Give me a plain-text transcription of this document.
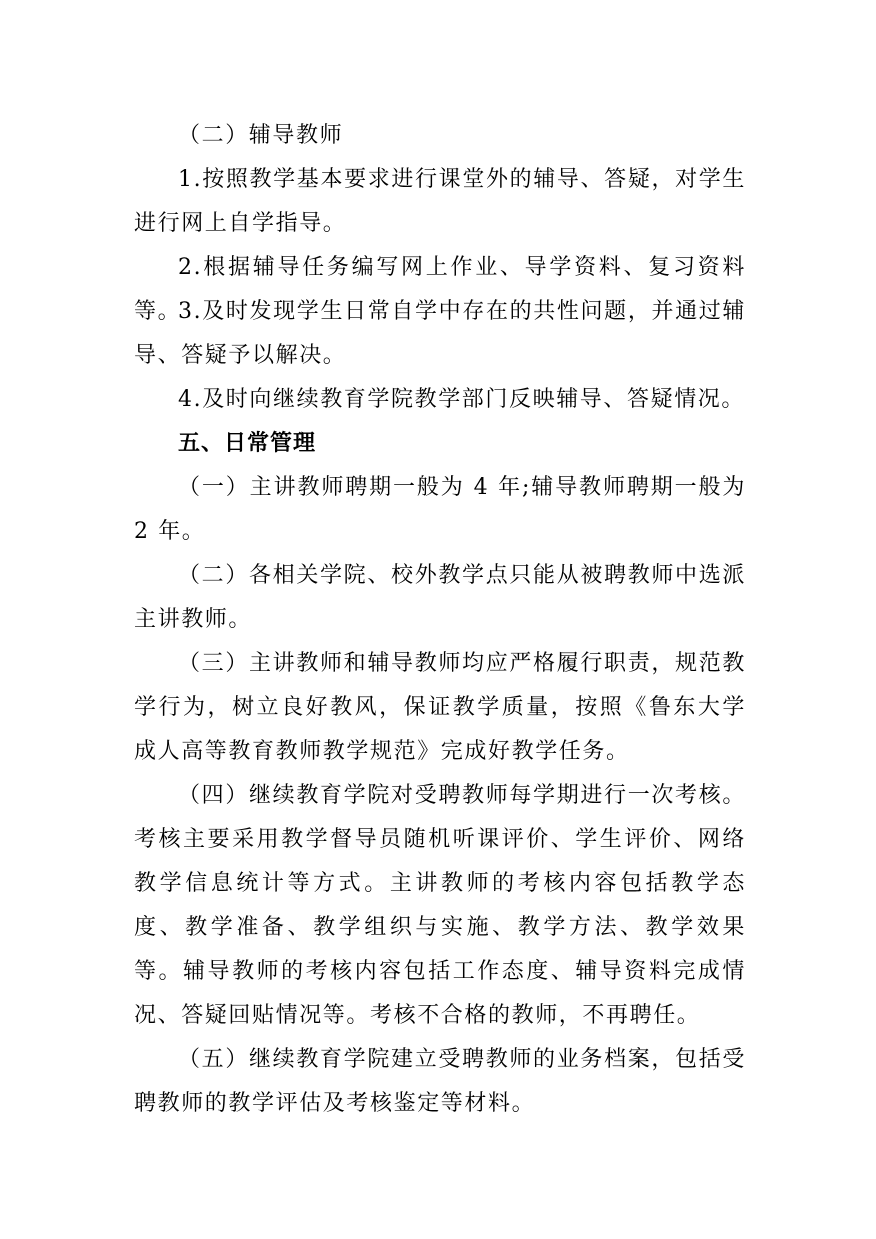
（二）辅导教师

1.按照教学基本要求进行课堂外的辅导、答疑，对学生进行网上自学指导。

2.根据辅导任务编写网上作业、导学资料、复习资料等。

3.及时发现学生日常自学中存在的共性问题，并通过辅导、答疑予以解决。

4.及时向继续教育学院教学部门反映辅导、答疑情况。

五、日常管理

（一）主讲教师聘期一般为 4 年;辅导教师聘期一般为 2 年。

（二）各相关学院、校外教学点只能从被聘教师中选派主讲教师。

（三）主讲教师和辅导教师均应严格履行职责，规范教学行为，树立良好教风，保证教学质量，按照《鲁东大学成人高等教育教师教学规范》完成好教学任务。

（四）继续教育学院对受聘教师每学期进行一次考核。考核主要采用教学督导员随机听课评价、学生评价、网络教学信息统计等方式。主讲教师的考核内容包括教学态度、教学准备、教学组织与实施、教学方法、教学效果等。辅导教师的考核内容包括工作态度、辅导资料完成情况、答疑回贴情况等。考核不合格的教师，不再聘任。

（五）继续教育学院建立受聘教师的业务档案，包括受聘教师的教学评估及考核鉴定等材料。
